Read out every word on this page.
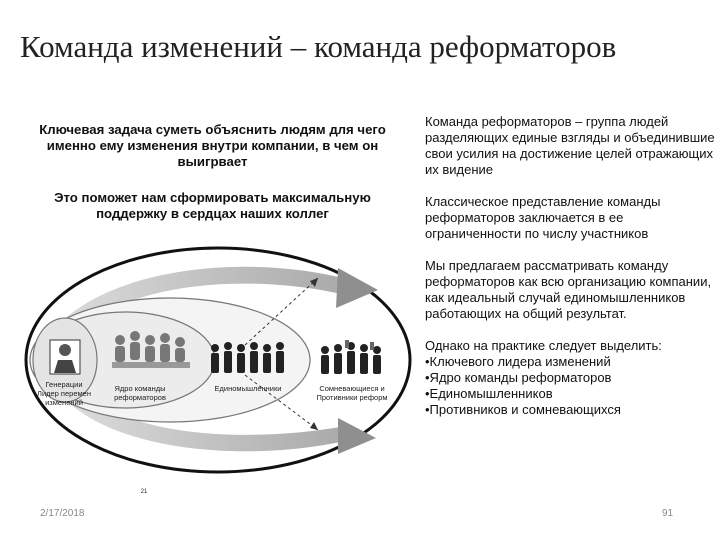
Команда изменений – команда реформаторов
Ключевая задача суметь объяснить людям для чего именно ему изменения внутри компании, в чем он выигрвает
Это поможет нам сформировать максимальную поддержку в сердцах наших коллег

Команда реформаторов – группа людей разделяющих единые взгляды и объединившие свои усилия на достижение целей отражающих их видение

Классическое представление команды реформаторов заключается в ее ограниченности по числу участников

Мы предлагаем рассматривать команду реформаторов как всю организацию компании, как идеальный случай единомышленников работающих на общий результат.

Однако на практике следует выделить:
•Ключевого лидера изменений
•Ядро команды реформаторов
•Единомышленников
•Противников и сомневающихся
Генерации Лидер перемен изменений
Ядро команды реформаторов
Единомышленники	Сомневающиеся и Противники реформ
21
2/17/2018	91
